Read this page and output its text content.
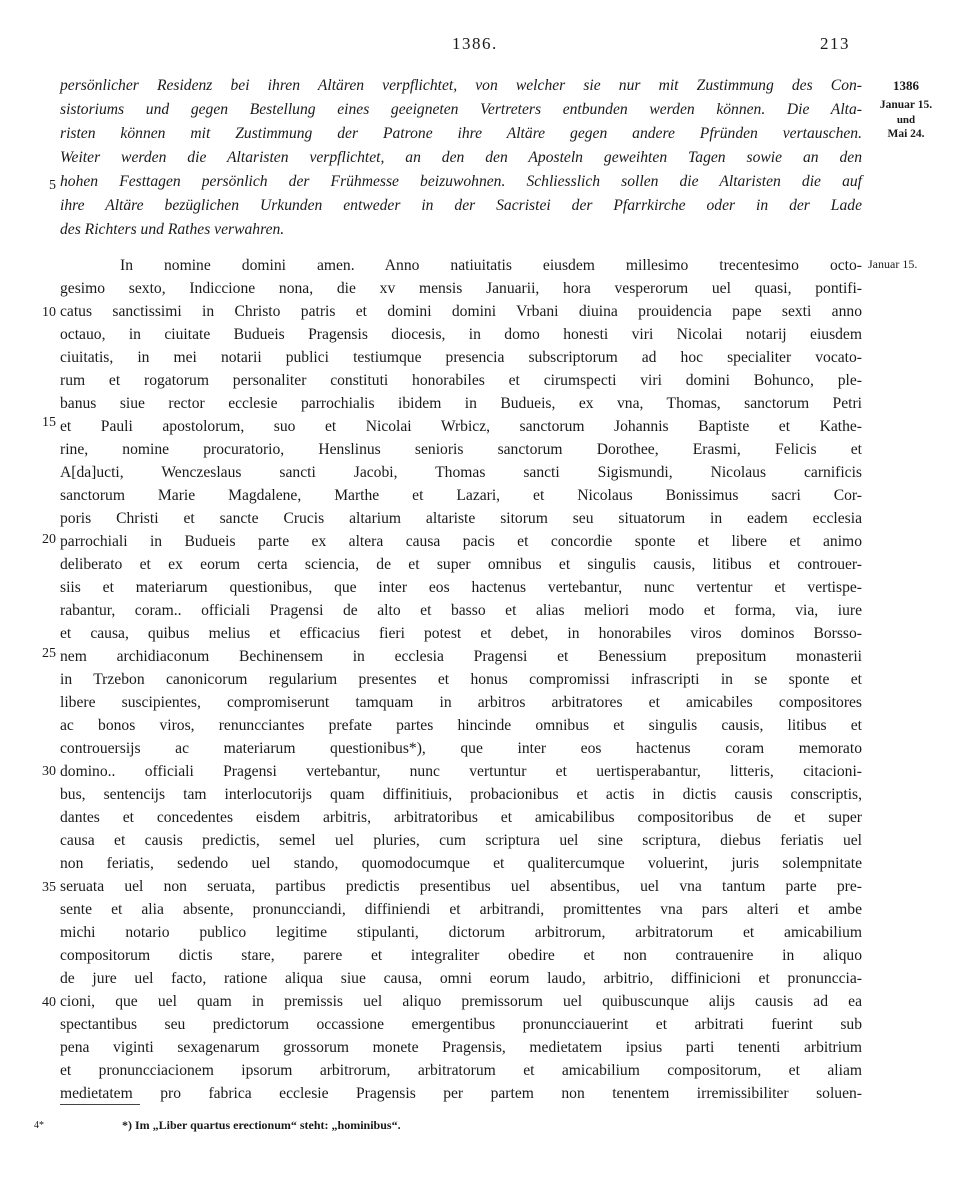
1386.	213
1386
Januar 15.
und
Mai 24.
Januar 15.
5
10
15
20
25
30
35
40
persönlicher Residenz bei ihren Altären verpflichtet, von welcher sie nur mit Zustimmung des Con-
sistoriums und gegen Bestellung eines geeigneten Vertreters entbunden werden können. Die Alta-
risten können mit Zustimmung der Patrone ihre Altäre gegen andere Pfründen vertauschen.
Weiter werden die Altaristen verpflichtet, an den den Aposteln geweihten Tagen sowie an den
hohen Festtagen persönlich der Frühmesse beizuwohnen. Schliesslich sollen die Altaristen die auf
ihre Altäre bezüglichen Urkunden entweder in der Sacristei der Pfarrkirche oder in der Lade
des Richters und Rathes verwahren.
In nomine domini amen. Anno natiuitatis eiusdem millesimo trecentesimo octo-
gesimo sexto, Indiccione nona, die xv mensis Januarii, hora vesperorum uel quasi, pontifi-
catus sanctissimi in Christo patris et domini domini Vrbani diuina prouidencia pape sexti anno
octauo, in ciuitate Budueis Pragensis diocesis, in domo honesti viri Nicolai notarij eiusdem
ciuitatis, in mei notarii publici testiumque presencia subscriptorum ad hoc specialiter vocato-
rum et rogatorum personaliter constituti honorabiles et cirumspecti viri domini Bohunco, ple-
banus siue rector ecclesie parrochialis ibidem in Budueis, ex vna, Thomas, sanctorum Petri
et Pauli apostolorum, suo et Nicolai Wrbicz, sanctorum Johannis Baptiste et Kathe-
rine, nomine procuratorio, Henslinus senioris sanctorum Dorothee, Erasmi, Felicis et
A[da]ucti, Wenczeslaus sancti Jacobi, Thomas sancti Sigismundi, Nicolaus carnificis
sanctorum Marie Magdalene, Marthe et Lazari, et Nicolaus Bonissimus sacri Cor-
poris Christi et sancte Crucis altarium altariste sitorum seu situatorum in eadem ecclesia
parrochiali in Budueis parte ex altera causa pacis et concordie sponte et libere et animo
deliberato et ex eorum certa sciencia, de et super omnibus et singulis causis, litibus et controuer-
siis et materiarum questionibus, que inter eos hactenus vertebantur, nunc vertentur et vertispe-
rabantur, coram.. officiali Pragensi de alto et basso et alias meliori modo et forma, via, iure
et causa, quibus melius et efficacius fieri potest et debet, in honorabiles viros dominos Borsso-
nem archidiaconum Bechinensem in ecclesia Pragensi et Benessium prepositum monasterii
in Trzebon canonicorum regularium presentes et honus compromissi infrascripti in se sponte et
libere suscipientes, compromiserunt tamquam in arbitros arbitratores et amicabiles compositores
ac bonos viros, renuncciantes prefate partes hincinde omnibus et singulis causis, litibus et
controuersijs ac materiarum questionibus*), que inter eos hactenus coram memorato
domino.. officiali Pragensi vertebantur, nunc vertuntur et uertisperabantur, litteris, citacioni-
bus, sentencijs tam interlocutorijs quam diffinitiuis, probacionibus et actis in dictis causis conscriptis,
dantes et concedentes eisdem arbitris, arbitratoribus et amicabilibus compositoribus de et super
causa et causis predictis, semel uel pluries, cum scriptura uel sine scriptura, diebus feriatis uel
non feriatis, sedendo uel stando, quomodocumque et qualitercumque voluerint, juris solempnitate
seruata uel non seruata, partibus predictis presentibus uel absentibus, uel vna tantum parte pre-
sente et alia absente, pronuncciandi, diffiniendi et arbitrandi, promittentes vna pars alteri et ambe
michi notario publico legitime stipulanti, dictorum arbitrorum, arbitratorum et amicabilium
compositorum dictis stare, parere et integraliter obedire et non contrauenire in aliquo
de jure uel facto, ratione aliqua siue causa, omni eorum laudo, arbitrio, diffinicioni et pronunccia-
cioni, que uel quam in premissis uel aliquo premissorum uel quibuscunque alijs causis ad ea
spectantibus seu predictorum occassione emergentibus pronuncciauerint et arbitrati fuerint sub
pena viginti sexagenarum grossorum monete Pragensis, medietatem ipsius parti tenenti arbitrium
et pronuncciacionem ipsorum arbitrorum, arbitratorum et amicabilium compositorum, et aliam
medietatem pro fabrica ecclesie Pragensis per partem non tenentem irremissibiliter soluen-
4*	*) Im „Liber quartus erectionum“ steht: „hominibus“.
